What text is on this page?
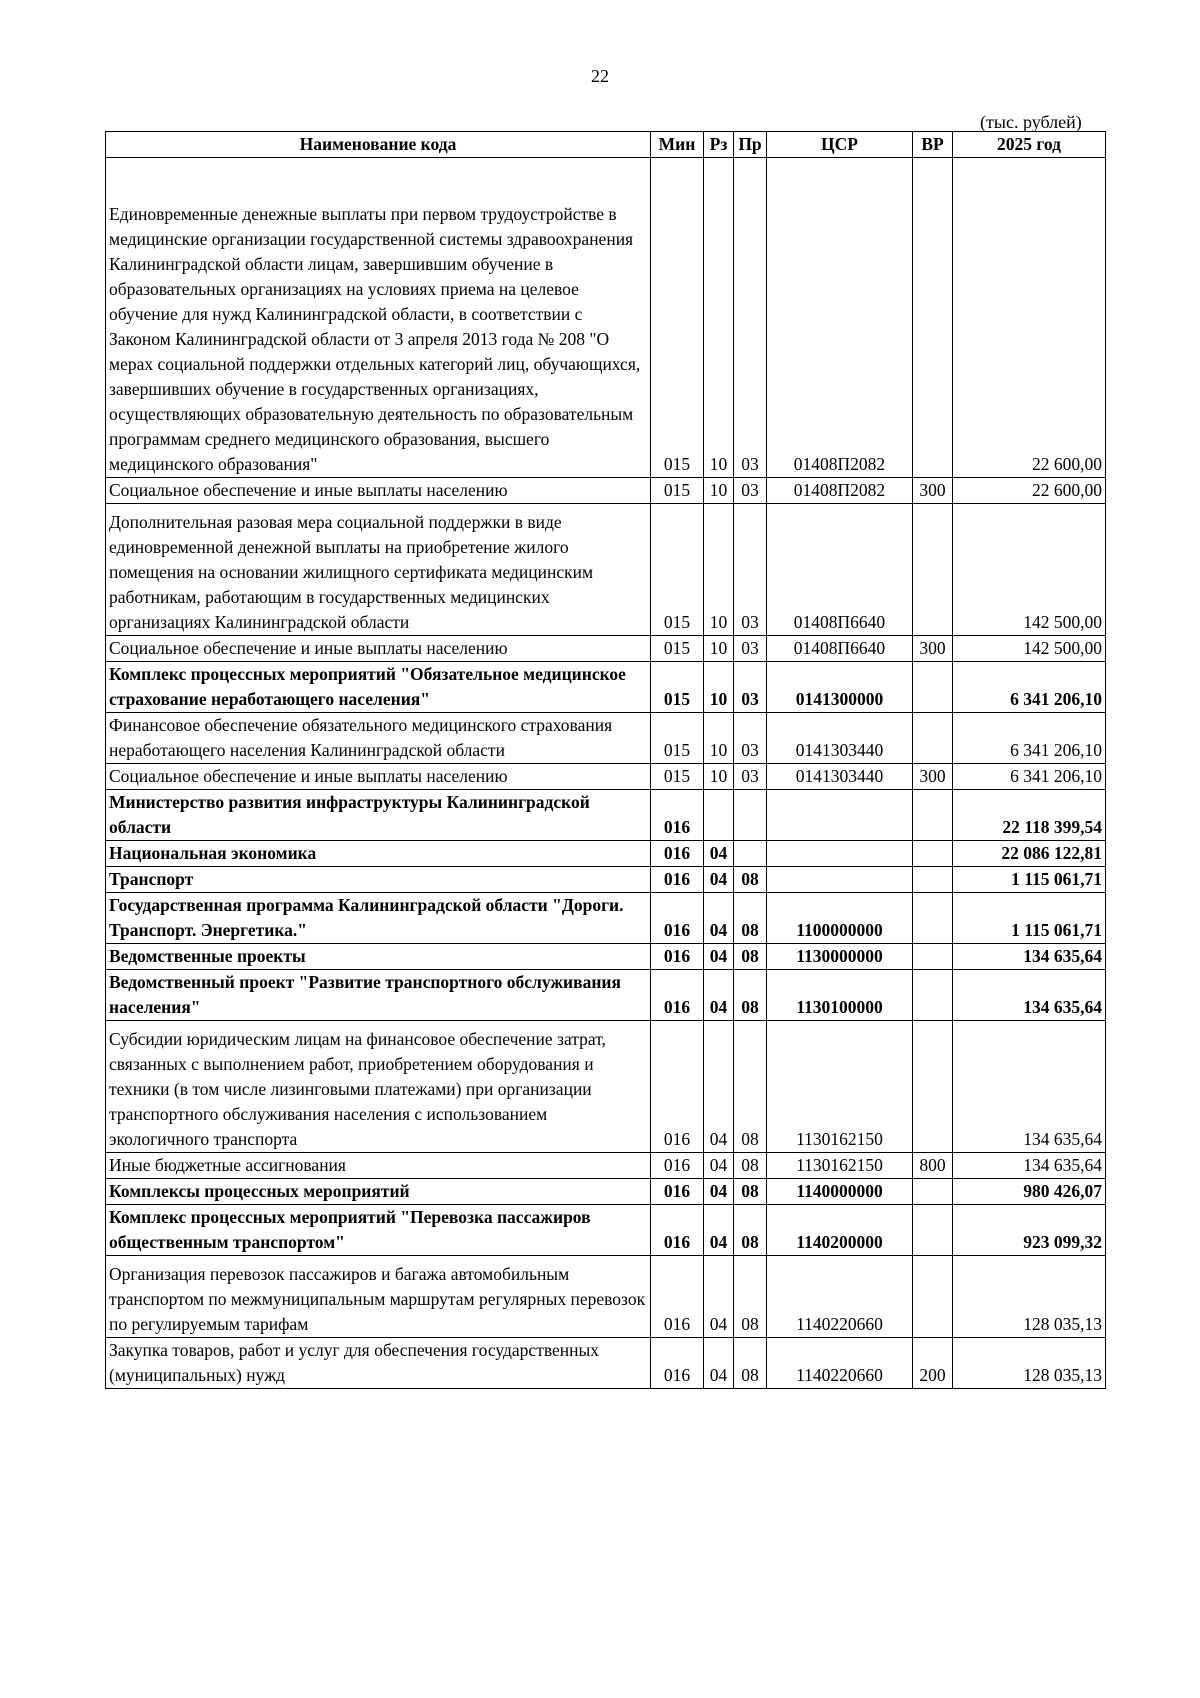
22
(тыс. рублей)
Наименование кода	Мин	Рз	Пр	ЦСР	ВР	2025 год
Единовременные денежные выплаты при первом трудоустройстве в медицинские организации государственной системы здравоохранения Калининградской области лицам, завершившим обучение в образовательных организациях на условиях приема на целевое обучение для нужд Калининградской области, в соответствии с Законом Калининградской области от 3 апреля 2013 года № 208 "О мерах социальной поддержки отдельных категорий лиц, обучающихся, завершивших обучение в государственных организациях, осуществляющих образовательную деятельность по образовательным программам среднего медицинского образования, высшего медицинского образования"	015	10	03	01408П2082		22 600,00
Социальное обеспечение и иные выплаты населению	015	10	03	01408П2082	300	22 600,00
Дополнительная разовая мера социальной поддержки в виде единовременной денежной выплаты на приобретение жилого помещения на основании жилищного сертификата медицинским работникам, работающим в государственных медицинских организациях Калининградской области	015	10	03	01408П6640		142 500,00
Социальное обеспечение и иные выплаты населению	015	10	03	01408П6640	300	142 500,00
Комплекс процессных мероприятий "Обязательное медицинское страхование неработающего населения"	015	10	03	0141300000		6 341 206,10
Финансовое обеспечение обязательного медицинского страхования неработающего населения Калининградской области	015	10	03	0141303440		6 341 206,10
Социальное обеспечение и иные выплаты населению	015	10	03	0141303440	300	6 341 206,10
Министерство развития инфраструктуры Калининградской области	016					22 118 399,54
Национальная экономика	016	04				22 086 122,81
Транспорт	016	04	08			1 115 061,71
Государственная программа Калининградской области "Дороги. Транспорт. Энергетика."	016	04	08	1100000000		1 115 061,71
Ведомственные проекты	016	04	08	1130000000		134 635,64
Ведомственный проект "Развитие транспортного обслуживания населения"	016	04	08	1130100000		134 635,64
Субсидии юридическим лицам на финансовое обеспечение затрат, связанных с выполнением работ, приобретением оборудования и техники (в том числе лизинговыми платежами) при организации транспортного обслуживания населения с использованием экологичного транспорта	016	04	08	1130162150		134 635,64
Иные бюджетные ассигнования	016	04	08	1130162150	800	134 635,64
Комплексы процессных мероприятий	016	04	08	1140000000		980 426,07
Комплекс процессных мероприятий "Перевозка пассажиров общественным транспортом"	016	04	08	1140200000		923 099,32
Организация перевозок пассажиров и багажа автомобильным транспортом по межмуниципальным маршрутам регулярных перевозок по регулируемым тарифам	016	04	08	1140220660		128 035,13
Закупка товаров, работ и услуг для обеспечения государственных (муниципальных) нужд	016	04	08	1140220660	200	128 035,13
